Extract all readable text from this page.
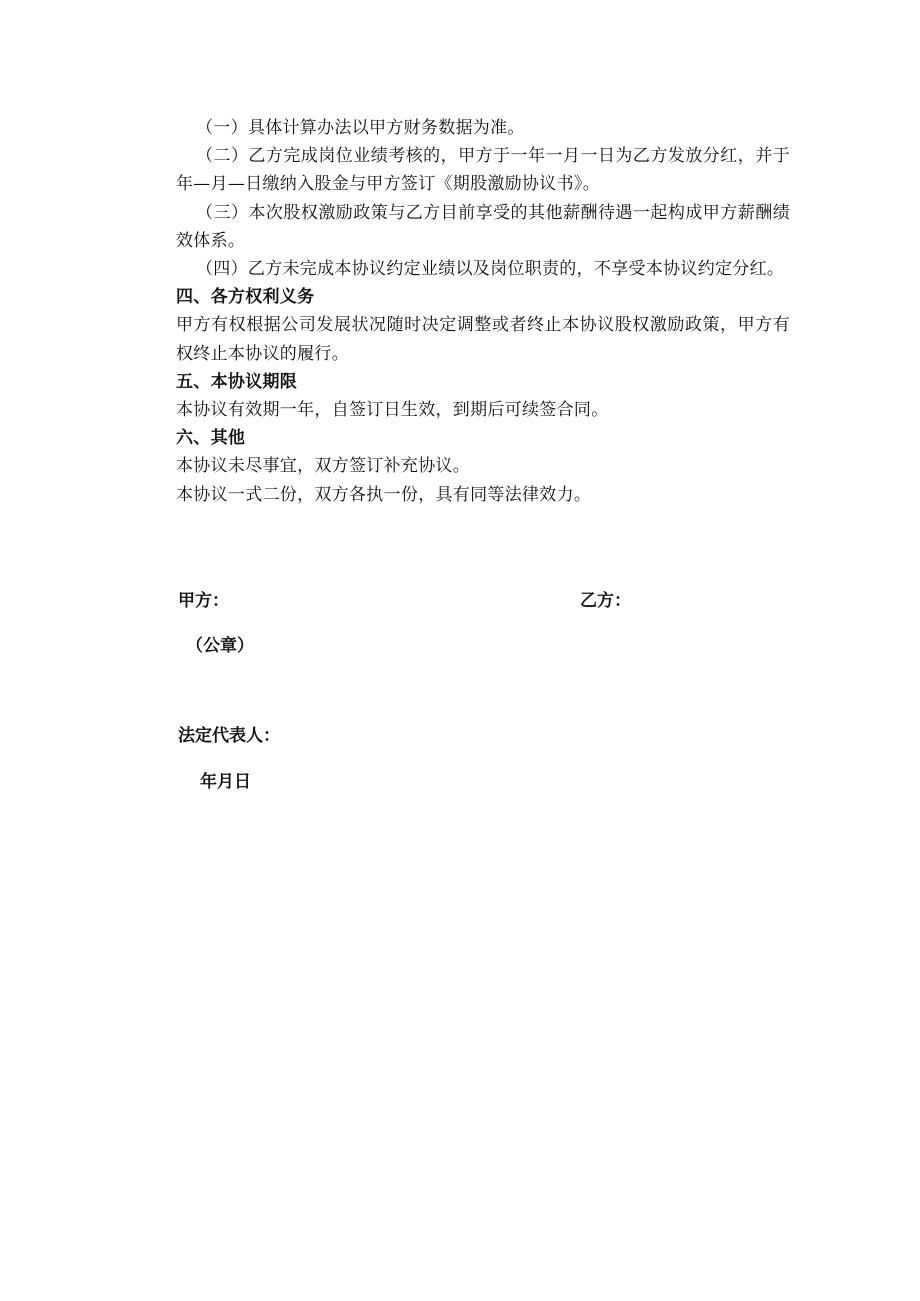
（一）具体计算办法以甲方财务数据为准。

（二）乙方完成岗位业绩考核的，甲方于一年一月一日为乙方发放分红，并于年—月—日缴纳入股金与甲方签订《期股激励协议书》。

（三）本次股权激励政策与乙方目前享受的其他薪酬待遇一起构成甲方薪酬绩效体系。

（四）乙方未完成本协议约定业绩以及岗位职责的，不享受本协议约定分红。

四、各方权利义务

甲方有权根据公司发展状况随时决定调整或者终止本协议股权激励政策，甲方有权终止本协议的履行。

五、本协议期限

本协议有效期一年，自签订日生效，到期后可续签合同。

六、其他

本协议未尽事宜，双方签订补充协议。

本协议一式二份，双方各执一份，具有同等法律效力。

甲方：	乙方：
（公章）
法定代表人：
年月日
